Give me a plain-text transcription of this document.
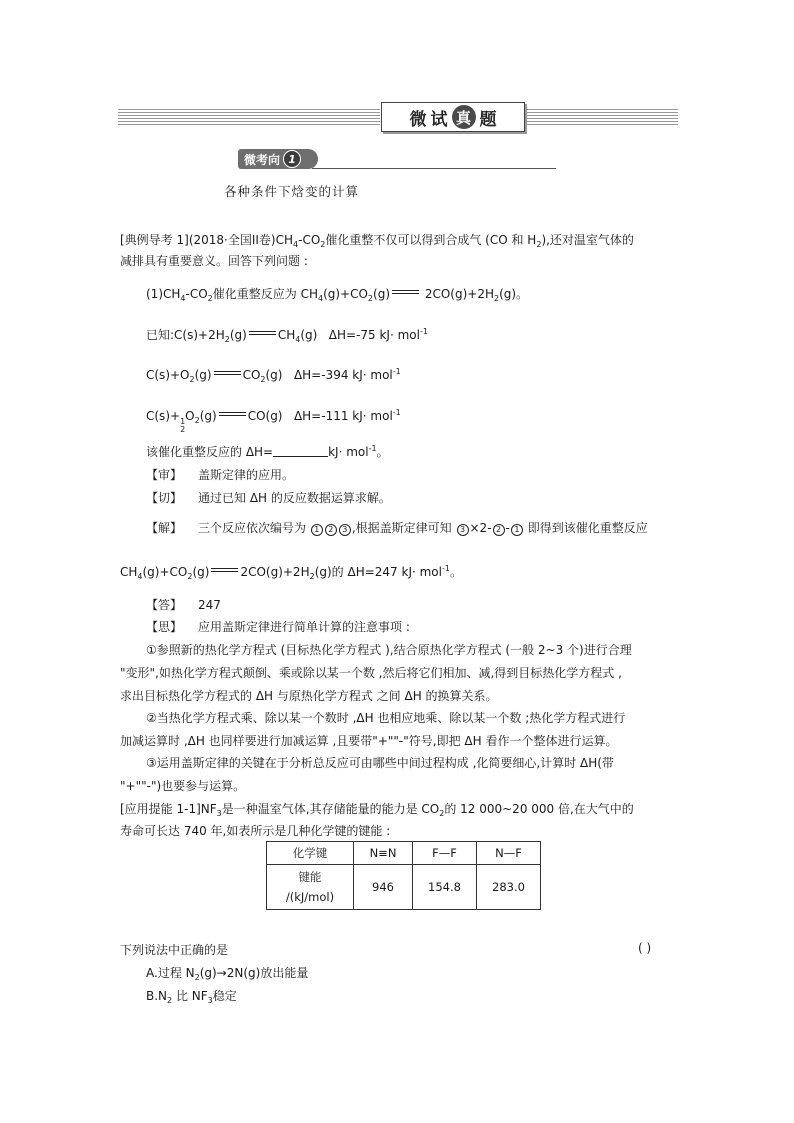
微 试 真 题
微考向 1
各种条件下焓变的计算
[典例导考 1](2018·全国II卷)$CH_4-CO_2$催化重整不仅可以得到合成气 (CO 和 $H_2$),还对温室气体的
减排具有重要意义。回答下列问题 :
$(1)CH_4-CO_2$催化重整反应为 $CH_4(g)+CO_2(g)$	$2CO(g)+2H_2(g)$。
已知$:C(s)+2H_2(g)$	$CH_4(g)$ ΔH=-75 kJ· mol$^{-1}$
$C(s)+O_2(g)$	$CO_2(g)$ ΔH=-394 kJ· mol$^{-1}$
C(s)+ 1
2
$O_2(g)$	CO(g) ΔH=-111 kJ· mol$^{-1}$
该催化重整反应的 ΔH=	kJ· mol$^{-1}$。
【审】 盖斯定律的应用。
【切】 通过已知 ΔH 的反应数据运算求解。
【解】 三个反应依次编号为 1 2 3 ,根据盖斯定律可知 3 ×2- 2 - 1 即得到该催化重整反应
$CH_4(g)+CO_2(g)$	$2CO(g)+2H_2(g)$的 ΔH=247 kJ· mol$^{-1}$。
【答】 247
【思】 应用盖斯定律进行简单计算的注意事项 :
①参照新的热化学方程式 (目标热化学方程式 ),结合原热化学方程式 (一般 2~3 个)进行合理
"变形",如热化学方程式颠倒、乘或除以某一个数 ,然后将它们相加、减,得到目标热化学方程式 ,
求出目标热化学方程式的 ΔH 与原热化学方程式 之间 ΔH 的换算关系。
②当热化学方程式乘、除以某一个数时 ,ΔH 也相应地乘、除以某一个数 ;热化学方程式进行
加减运算时 ,ΔH 也同样要进行加减运算 ,且要带"+""-"符号,即把 ΔH 看作一个整体进行运算。
③运用盖斯定律的关键在于分析总反应可由哪些中间过程构成 ,化简要细心,计算时 ΔH(带
"+""-")也要参与运算。
[应用提能 $1-1]NF_3$是一种温室气体,其存储能量的能力是 $CO_2$的 12 000~20 000 倍,在大气中的
寿命可长达 740 年,如表所示是几种化学键的键能 :
化学键	N≡N	F—F	N—F
键能
/(kJ/mol)	946	154.8	283.0
下列说法中正确的是	( )
A.过程 $N_2(g)\to 2N(g)$放出能量
$B.N_2$ 比 $NF_3$稳定
